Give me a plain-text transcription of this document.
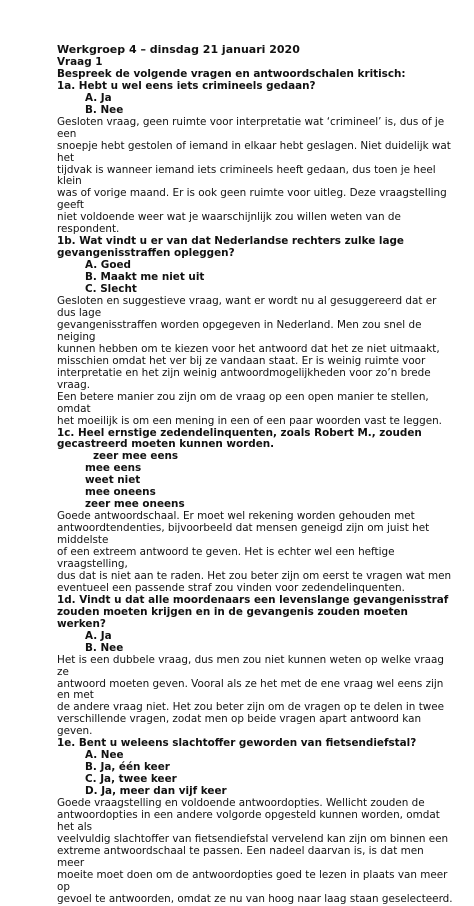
Werkgroep 4 – dinsdag 21 januari 2020
Vraag 1
Bespreek de volgende vragen en antwoordschalen kritisch:
1a. Hebt u wel eens iets crimineels gedaan?
A. Ja
B. Nee
Gesloten vraag, geen ruimte voor interpretatie wat ‘crimineel’ is, dus of je een
snoepje hebt gestolen of iemand in elkaar hebt geslagen. Niet duidelijk wat het
tijdvak is wanneer iemand iets crimineels heeft gedaan, dus toen je heel klein
was of vorige maand. Er is ook geen ruimte voor uitleg. Deze vraagstelling geeft
niet voldoende weer wat je waarschijnlijk zou willen weten van de respondent.
1b. Wat vindt u er van dat Nederlandse rechters zulke lage
gevangenisstraffen opleggen?
A. Goed
B. Maakt me niet uit
C. Slecht
Gesloten en suggestieve vraag, want er wordt nu al gesuggereerd dat er dus lage
gevangenisstraffen worden opgegeven in Nederland. Men zou snel de neiging
kunnen hebben om te kiezen voor het antwoord dat het ze niet uitmaakt,
misschien omdat het ver bij ze vandaan staat. Er is weinig ruimte voor
interpretatie en het zijn weinig antwoordmogelijkheden voor zo’n brede vraag.
Een betere manier zou zijn om de vraag op een open manier te stellen, omdat
het moeilijk is om een mening in een of een paar woorden vast te leggen.
1c. Heel ernstige zedendelinquenten, zoals Robert M., zouden
gecastreerd moeten kunnen worden.
zeer mee eens
mee eens
weet niet
mee oneens
zeer mee oneens
Goede antwoordschaal. Er moet wel rekening worden gehouden met
antwoordtendenties, bijvoorbeeld dat mensen geneigd zijn om juist het middelste
of een extreem antwoord te geven. Het is echter wel een heftige vraagstelling,
dus dat is niet aan te raden. Het zou beter zijn om eerst te vragen wat men
eventueel een passende straf zou vinden voor zedendelinquenten.
1d. Vindt u dat alle moordenaars een levenslange gevangenisstraf
zouden moeten krijgen en in de gevangenis zouden moeten werken?
A. Ja
B. Nee
Het is een dubbele vraag, dus men zou niet kunnen weten op welke vraag ze
antwoord moeten geven. Vooral als ze het met de ene vraag wel eens zijn en met
de andere vraag niet. Het zou beter zijn om de vragen op te delen in twee
verschillende vragen, zodat men op beide vragen apart antwoord kan geven.
1e. Bent u weleens slachtoffer geworden van fietsendiefstal?
A. Nee
B. Ja, één keer
C. Ja, twee keer
D. Ja, meer dan vijf keer
Goede vraagstelling en voldoende antwoordopties. Wellicht zouden de
antwoordopties in een andere volgorde opgesteld kunnen worden, omdat het als
veelvuldig slachtoffer van fietsendiefstal vervelend kan zijn om binnen een
extreme antwoordschaal te passen. Een nadeel daarvan is, is dat men meer
moeite moet doen om de antwoordopties goed te lezen in plaats van meer op
gevoel te antwoorden, omdat ze nu van hoog naar laag staan geselecteerd.
